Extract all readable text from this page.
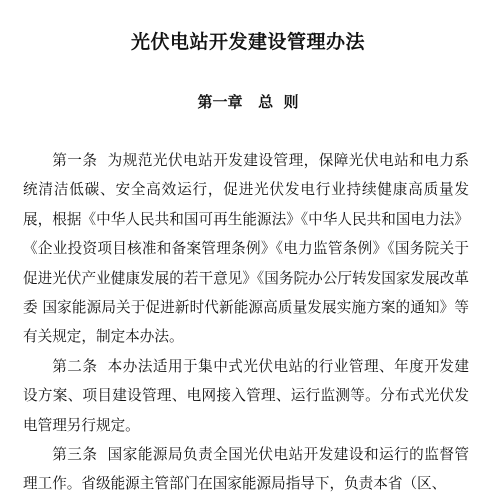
光伏电站开发建设管理办法
第一章   总  则

第一条 为规范光伏电站开发建设管理，保障光伏电站和电力系统清洁低碳、安全高效运行，促进光伏发电行业持续健康高质量发展，根据《中华人民共和国可再生能源法》《中华人民共和国电力法》《企业投资项目核准和备案管理条例》《电力监管条例》《国务院关于促进光伏产业健康发展的若干意见》《国务院办公厅转发国家发展改革委 国家能源局关于促进新时代新能源高质量发展实施方案的通知》等有关规定，制定本办法。

第二条 本办法适用于集中式光伏电站的行业管理、年度开发建设方案、项目建设管理、电网接入管理、运行监测等。分布式光伏发电管理另行规定。

第三条 国家能源局负责全国光伏电站开发建设和运行的监督管理工作。省级能源主管部门在国家能源局指导下，负责本省（区、
